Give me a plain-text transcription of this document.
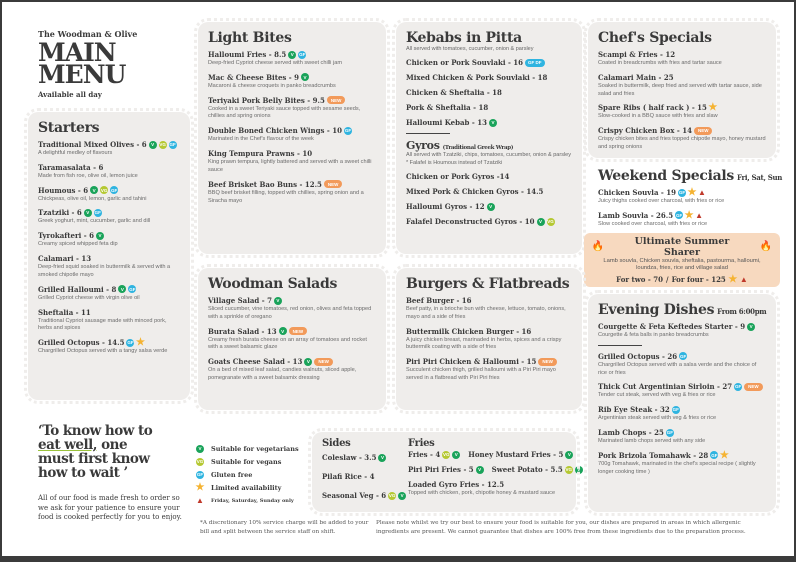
The Woodman & Olive
MAIN
MENU
Available all day
Starters
Traditional Mixed Olives - 6 V	VG GF
A delightful medley of flavours
Taramasalata - 6
Made from fish roe, olive oil, lemon juice
Houmous - 6 V	VG GF
Chickpeas, olive oil, lemon, garlic and tahini
Tzatziki - 6 V	GF
Greek yoghurt, mint, cucumber, garlic and dill
Tyrokafteri - 6 V
Creamy spiced whipped feta dip
Calamari - 13
Deep-fried squid soaked in buttermilk & served with a smoked chipotle mayo
Grilled Halloumi - 8 V	GF
Grilled Cypriot cheese with virgin olive oil
Sheftalia - 11
Traditional Cypriot sausage made with minced pork, herbs and spices
Grilled Octopus - 14.5 GF ★
Chargrilled Octopus served with a tangy salsa verde
Light Bites
Halloumi Fries - 8.5 V	GF
Deep-fried Cypriot cheese served with sweet chilli jam
Mac & Cheese Bites - 9 V
Macaroni & cheese croquets in panko breadcrumbs
Teriyaki Pork Belly Bites - 9.5	NEW
Cooked in a sweet Teriyaki sauce topped with sesame seeds, chillies and spring onions
Double Boned Chicken Wings - 10 GF
Marinated in the Chef's flavour of the week
King Tempura Prawns - 10
King prawn tempura, lightly battered and served with a sweet chilli sauce
Beef Brisket Bao Buns - 12.5	NEW
BBQ beef brisket filling, topped with chillies, spring onion and a Siracha mayo
Kebabs in Pitta
All served with tomatoes, cucumber, onion & parsley
Chicken or Pork Souvlaki - 16	GF DF
Mixed Chicken & Pork Souvlaki - 18
Chicken & Sheftalia - 18
Pork & Sheftalia - 18
Halloumi Kebab - 13 V
Gyros (Traditional Greek Wrap)
All served with Tzatziki, chips, tomatoes, cucumber, onion & parsley * Falafel is Houmous instead of Tzatziki
Chicken or Pork Gyros -14
Mixed Pork & Chicken Gyros - 14.5
Halloumi Gyros - 12 V
Falafel Deconstructed Gyros - 10 V	VG
Chef's Specials
Scampi & Fries - 12
Coated in breadcrumbs with fries and tartar sauce
Calamari Main - 25
Soaked in buttermilk, deep fried and served with tartar sauce, side salad and fries
Spare Ribs ( half rack ) - 15 ★
Slow-cooked in a BBQ sauce with fries and slaw
Crispy Chicken Box - 14	NEW
Crispy chicken bites and fries topped chipotle mayo, honey mustard and spring onions
Weekend Specials Fri, Sat, Sun
Chicken Souvla - 19 GF ★ ▲
Juicy thighs cooked over charcoal, with fries or rice
Lamb Souvla - 26.5 GF ★ ▲
Slow cooked over charcoal, with fries or rice
🔥	Ultimate Summer Sharer	🔥
Lamb souvla, Chicken souvla, sheftalia, pastourma, halloumi, loundza, fries, rice and village salad
For two - 70 / For four - 125 ★ ▲
Woodman Salads
Village Salad - 7 V
Sliced cucumber, vine tomatoes, red onion, olives and feta topped with a sprinkle of oregano
Burata Salad - 13 V	NEW
Creamy fresh burata cheese on an array of tomatoes and rocket with a sweet balsamic glaze
Goats Cheese Salad - 13 V	NEW
On a bed of mixed leaf salad, candies walnuts, sliced apple, pomegranate with a sweet balsamix dressing
Burgers & Flatbreads
Beef Burger - 16
Beef patty, in a brioche bun with cheese, lettuce, tomato, onions, mayo and a side of fries
Buttermilk Chicken Burger - 16
A juicy chicken breast, marinaded in herbs, spices and a crispy buttermilk coating with a side of fries
Piri Piri Chicken & Halloumi - 15	NEW
Succulent chicken thigh, grilled halloumi with a Piri Piri mayo served in a flatbread with Piri Piri fries
Evening Dishes From 6:00pm
Courgette & Feta Keftedes Starter - 9 V
Courgette & feta balls in panko breadcrumbs
Grilled Octopus - 26 GF
Chargrilled Octopus served with a salsa verde and the choice of rice or fries
Thick Cut Argentinian Sirloin - 27 GF	NEW
Tender cut steak, served with veg & fries or rice
Rib Eye Steak - 32 GF
Argentinian steak served with veg & fries or rice
Lamb Chops - 25 GF
Marinated lamb chops served with any side
Pork Brizola Tomahawk - 28 GF ★
700g Tomahawk, marinated in the chef's special recipe ( slightly longer cooking time )
‘To know how to
eat well, one
must first know
how to wait ’
All of our food is made fresh to order so we ask for your patience to ensure your food is cooked perfectly for you to enjoy.
V	Suitable for vegetarians
VG Suitable for vegans
GF Gluten free
★ Limited availability
▲ Friday, Saturday, Sunday only
Sides
Coleslaw - 3.5 V
Pilafi Rice - 4
Seasonal Veg - 6 VG	V
Fries
Fries - 4 VG	V	Honey Mustard Fries - 5 V
Piri Piri Fries - 5 V	Sweet Potato - 5.5 VG	V
Loaded Gyro Fries - 12.5
Topped with chicken, pork, chipotle honey & mustard sauce
*A discretionary 10% service charge will be added to your bill and split between the service staff on shift.
Please note whilst we try our best to ensure your food is suitable for you, our dishes are prepared in areas in which allergenic ingredients are present. We cannot guarantee that dishes are 100% free from these ingredients due to the preparation process.
